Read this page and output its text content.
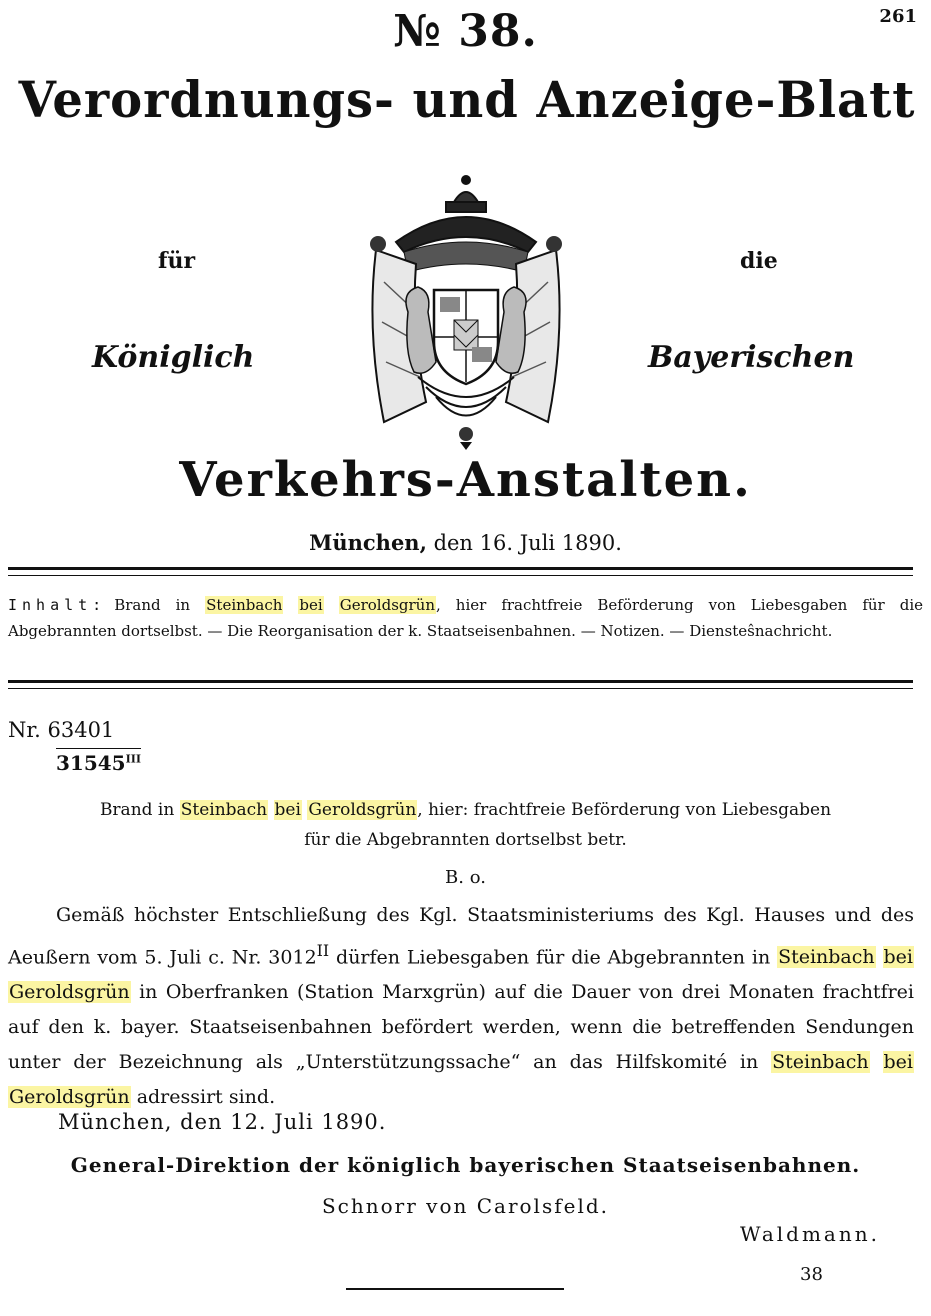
261
№ 38.
Verordnungs- und Anzeige-Blatt
für	die
Königlich	Bayerischen
Verkehrs-Anstalten.
München, den 16. Juli 1890.
Inhalt: Brand in Steinbach bei Geroldsgrün, hier frachtfreie Beförderung von Liebesgaben für die Abgebrannten dortselbst. — Die Reorganisation der k. Staatseisenbahnen. — Notizen. — Diensteŝnachricht.
Nr. 63401
$31545^{III}$
Brand in Steinbach bei Geroldsgrün, hier: frachtfreie Beförderung von Liebesgaben
für die Abgebrannten dortselbst betr.
B. o.
Gemäß höchster Entschließung des Kgl. Staatsministeriums des Kgl. Hauses und des Aeußern vom 5. Juli c. Nr. $3012^{II}$ dürfen Liebesgaben für die Abgebrannten in Steinbach bei Geroldsgrün in Oberfranken (Station Marxgrün) auf die Dauer von drei Monaten frachtfrei auf den k. bayer. Staatseisenbahnen befördert werden, wenn die betreffenden Sendungen unter der Bezeichnung als „Unterstützungssache“ an das Hilfskomité in Steinbach bei Geroldsgrün adressirt sind.
München, den 12. Juli 1890.
General-Direktion der königlich bayerischen Staatseisenbahnen.
Schnorr von Carolsfeld.
Waldmann.
38
